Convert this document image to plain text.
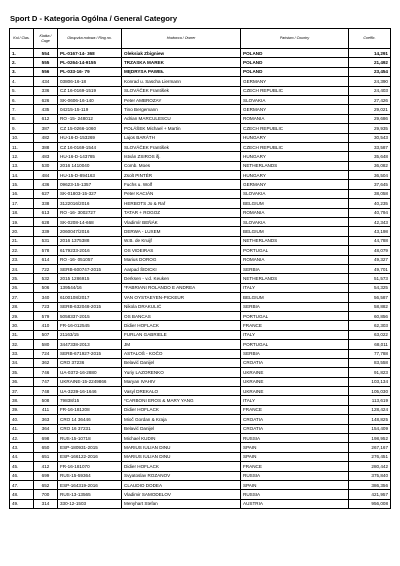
Sport D - Kategoria Ogólna / General Category
Kol./ Clas.	Klatka / Cage	Obrączka rodowa / Ring no.	Hodowca / Owner	Państwo / Country	Coeffic.
1.	554	PL-0167-14- 368	Oleksiak Zbigniew	POLAND	14,291
2.	555	PL-0264-14-9155	TRZASKA MAREK	POLAND	21,492
3.	556	PL-033-16- 79	MĘDRYSA PAWEŁ	POLAND	23,454
4.	434	03806-16-18	Konrad u. Sascha Liermann	GERMANY	24,390
5.	336	CZ 16-0169-1519	SLOVÁČEK František	CZECH REPUBLIC	24,403
6.	626	SK-0606-16-140	Peter AMBROZAY	SLOVAKIA	27,426
7.	435	04215-15-119	Tino Bergemann	GERMANY	29,021
8.	612	RO -15- 248012	Adrian MARCULESCU	ROMANIA	29,686
9.	387	CZ 15-0266-1060	POLÁŠEK Michael + Martin	CZECH REPUBLIC	29,935
10.	482	HU-16-D-153269	Lajos BARÁTH	HUNGARY	30,543
11.	388	CZ 16-0169-1544	SLOVÁČEK František	CZECH REPUBLIC	33,587
12.	483	HU-16-D-143785	István ZSIROS ifj.	HUNGARY	35,648
13.	530	2016 1410040	Comb. Moes	NETHERLANDS	36,082
14.	484	HU-15-D-894163	Zsolt PINTÉR	HUNGARY	36,504
15.	436	09623-15-1357	Fuchs u. Wolf	GERMANY	37,645
16.	627	SK-01803-15-327	Peter KACIÁN	SLOVAKIA	38,058
17.	338	3122016/2016	HERBOTS Jo & Raf	BELGIUM	40,235
18.	613	RO -16- 3002727	TATAR + ROGOZ	ROMANIA	40,794
19.	628	SK-0208-14-668	Vladimír BEŇÁK	SLOVAKIA	42,343
20.	339	2060047/2016	DERWA - LUXEM	BELGIUM	43,198
21.	531	2016 1375388	W.B. de Kruijf	NETHERLANDS	44,788
22.	578	6179233-2016	OS VIDEIRAS	PORTUGAL	48,079
23.	614	RO -16- 051057	Marius DOROG	ROMANIA	49,327
24.	722	SERB-600747-2015	Aarpad ŠIDICKI	SERBIA	49,701
25.	532	2015 1286915	Derksen - v.d. Keuken	NETHERLANDS	51,573
26.	506	139544/16	*FABRIANI ROLANDO E ANDREA	ITALY	54,325
27.	340	6100108/2017	VAN OYSTAEYEN-PICKEUR	BELGIUM	56,587
28.	723	SERB-632048-2015	Nikola DRAKULIĆ	SERBIA	58,882
29.	579	5058337-2015	OS BANCAS	PORTUGAL	60,856
30.	410	FR-16-012545	Didier HOFLACK	FRANCE	62,303
31.	507	21163/15	FURLAN GABRIELE	ITALY	63,022
32.	580	3447338-2013	JM	PORTUGAL	68,011
33.	724	SERB-671927-2015	ASTALOŠ - KOČO	SERBIA	77,788
34.	362	CRO 37236	Belavić Danijel	CROATIA	83,558
35.	746	UA-0372-16-2880	Yuriy LAZORENKO	UKRAINE	91,823
36.	747	UKRAINE-15-2249866	Maryan IVAHIV	UKRAINE	103,134
37.	748	UA-3239-16-1646	Vasyl DREKALO	UKRAINE	105,030
38.	508	79838/15	*CARBONI EROS & MARY YANG	ITALY	113,619
39.	411	FR-16-181208	Didier HOFLACK	FRANCE	128,424
40.	363	CRO 14 36446	Mioč Gordan & Kraja	CROATIA	148,825
41.	364	CRO 16 37231	Belavić Danijel	CROATIA	154,409
42.	698	RUS-15-10718	Michael KUDIN	RUSSIA	198,952
43.	650	ESP-180931-2015	MARIUS IULIAN DINU	SPAIN	267,167
44.	651	ESP-166122-2016	MARIUS IULIAN DINU	SPAIN	276,451
45.	412	FR-16-181070	Didier HOFLACK	FRANCE	280,442
46.	699	RUS-15-59364	Svyatoslav ROZANOV	RUSSIA	375,840
47.	652	ESP-164319-2016	CLAUDIO DODEA	SPAIN	386,356
48.	700	RUS-13-13565	Vladimir SAMODELOV	RUSSIA	421,957
49.	314	330-12-1503	Menyhart Stefan	AUSTRIA	956,008
